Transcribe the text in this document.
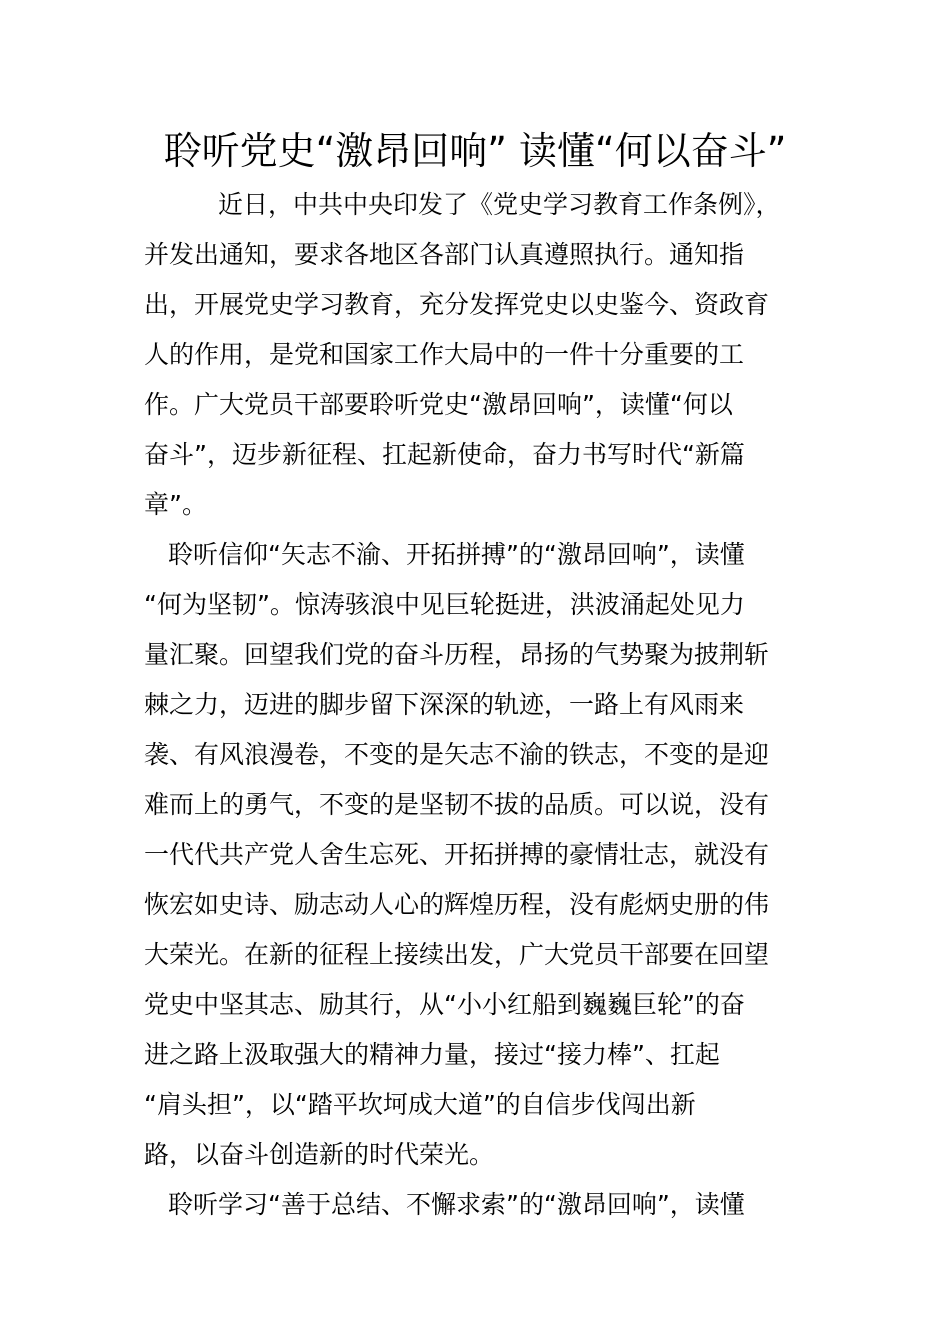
聆听党史“激昂回响” 读懂“何以奋斗”
近日，中共中央印发了《党史学习教育工作条例》，
并发出通知，要求各地区各部门认真遵照执行。通知指
出，开展党史学习教育，充分发挥党史以史鉴今、资政育
人的作用，是党和国家工作大局中的一件十分重要的工
作。广大党员干部要聆听党史“激昂回响”，读懂“何以
奋斗”，迈步新征程、扛起新使命，奋力书写时代“新篇
章”。
聆听信仰“矢志不渝、开拓拼搏”的“激昂回响”，读懂
“何为坚韧”。惊涛骇浪中见巨轮挺进，洪波涌起处见力
量汇聚。回望我们党的奋斗历程，昂扬的气势聚为披荆斩
棘之力，迈进的脚步留下深深的轨迹，一路上有风雨来
袭、有风浪漫卷，不变的是矢志不渝的铁志，不变的是迎
难而上的勇气，不变的是坚韧不拔的品质。可以说，没有
一代代共产党人舍生忘死、开拓拼搏的豪情壮志，就没有
恢宏如史诗、励志动人心的辉煌历程，没有彪炳史册的伟
大荣光。在新的征程上接续出发，广大党员干部要在回望
党史中坚其志、励其行，从“小小红船到巍巍巨轮”的奋
进之路上汲取强大的精神力量，接过“接力棒”、扛起
“肩头担”，以“踏平坎坷成大道”的自信步伐闯出新
路，以奋斗创造新的时代荣光。
聆听学习“善于总结、不懈求索”的“激昂回响”，读懂
